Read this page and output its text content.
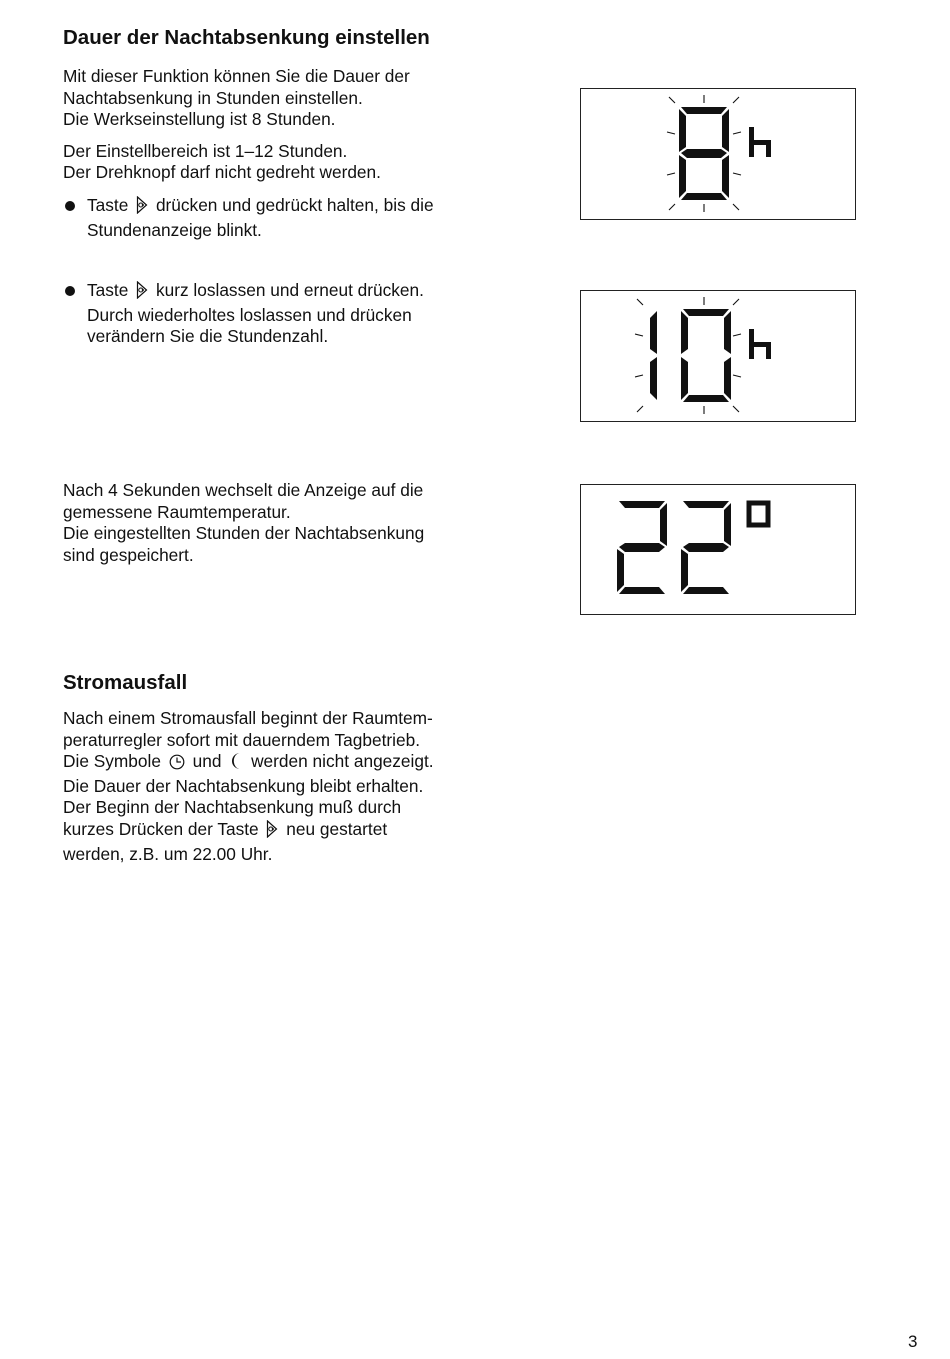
Dauer der Nachtabsenkung einstellen

Mit dieser Funktion können Sie die Dauer der

Nachtabsenkung in Stunden einstellen.

Die Werkseinstellung ist 8 Stunden.

Der Einstellbereich ist 1–12 Stunden.

Der Drehknopf darf nicht gedreht werden.

Taste drücken und gedrückt halten, bis die

Stundenanzeige blinkt.

Taste kurz loslassen und erneut drücken.

Durch wiederholtes loslassen und drücken

verändern Sie die Stundenzahl.

Nach 4 Sekunden wechselt die Anzeige auf die

gemessene Raumtemperatur.

Die eingestellten Stunden der Nachtabsenkung

sind gespeichert.

Stromausfall

Nach einem Stromausfall beginnt der Raumtem-

peraturregler sofort mit dauerndem Tagbetrieb.

Die Symbole und werden nicht angezeigt.

Die Dauer der Nachtabsenkung bleibt erhalten.

Der Beginn der Nachtabsenkung muß durch

kurzes Drücken der Taste neu gestartet

werden, z.B. um 22.00 Uhr.

3
